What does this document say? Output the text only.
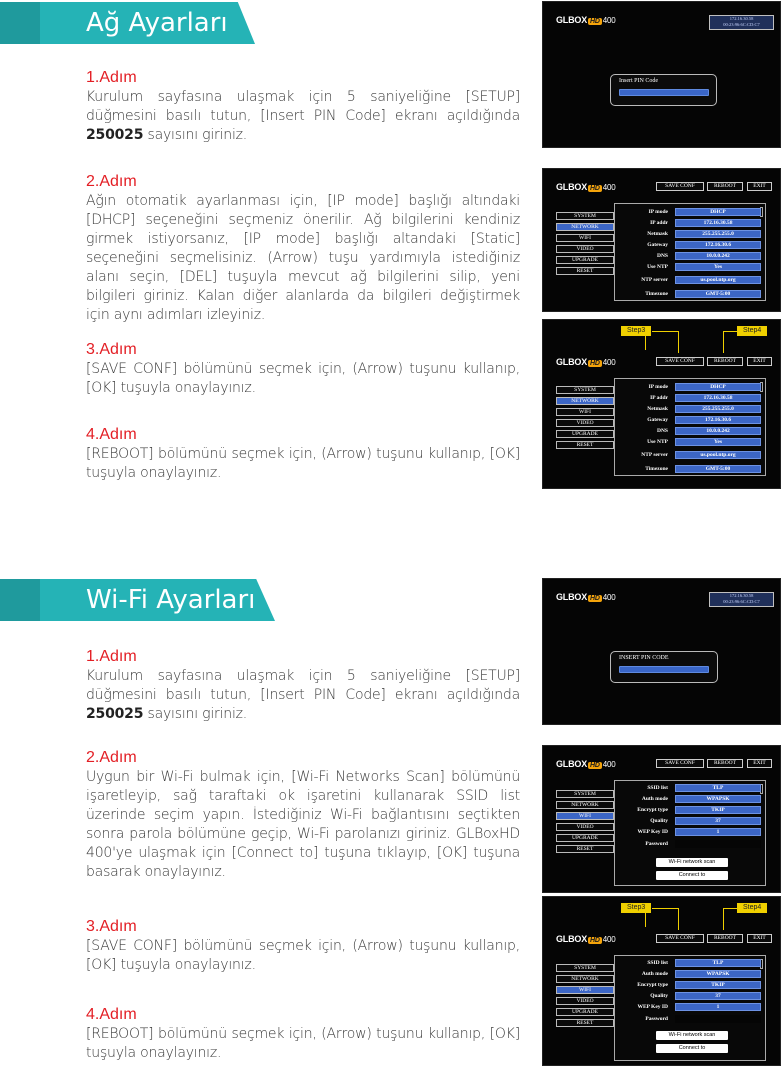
Ağ Ayarları
1.Adım
Kurulum sayfasına ulaşmak için 5 saniyeliğine [SETUP] düğmesini basılı tutun, [Insert PIN Code] ekranı açıldığında 250025 sayısını giriniz.
2.Adım
Ağın otomatik ayarlanması için, [IP mode] başlığı altındaki [DHCP] seçeneğini seçmeniz önerilir. Ağ bilgilerini kendiniz girmek istiyorsanız, [IP mode] başlığı altandaki [Static] seçeneğini seçmelisiniz. (Arrow) tuşu yardımıyla istediğiniz alanı seçin, [DEL] tuşuyla mevcut ağ bilgilerini silip, yeni bilgileri giriniz. Kalan diğer alanlarda da bilgileri değiştirmek için aynı adımları izleyiniz.
3.Adım
[SAVE CONF] bölümünü seçmek için, (Arrow) tuşunu kullanıp, [OK] tuşuyla onaylayınız.
4.Adım
[REBOOT] bölümünü seçmek için, (Arrow) tuşunu kullanıp, [OK] tuşuyla onaylayınız.
GLBOX HD 400	172.16.30.58
00:23:96:6C:CD:C7
Insert PIN Code
GLBOX HD 400	SAVE CONF	REBOOT	EXIT
SYSTEM
NETWORK
WIFI
VIDEO
UPGRADE
RESET
IP mode	DHCP
IP addr	172.16.30.58
Netmask	255.255.255.0
Gateway	172.16.30.6
DNS	10.0.0.242
Use NTP	Yes
NTP server	us.pool.ntp.org
Timezone	GMT-5:00
Step3	Step4
GLBOX HD 400	SAVE CONF	REBOOT	EXIT
SYSTEM
NETWORK
WIFI
VIDEO
UPGRADE
RESET
IP mode	DHCP
IP addr	172.16.30.58
Netmask	255.255.255.0
Gateway	172.16.30.6
DNS	10.0.0.242
Use NTP	Yes
NTP server	us.pool.ntp.org
Timezone	GMT-5:00
Wi-Fi Ayarları
1.Adım
Kurulum sayfasına ulaşmak için 5 saniyeliğine [SETUP] düğmesini basılı tutun, [Insert PIN Code] ekranı açıldığında 250025 sayısını giriniz.
2.Adım
Uygun bir Wi-Fi bulmak için, [Wi-Fi Networks Scan] bölümünü işaretleyip, sağ taraftaki ok işaretini kullanarak SSID list üzerinde seçim yapın. İstediğiniz Wi-Fi bağlantısını seçtikten sonra parola bölümüne geçip, Wi-Fi parolanızı giriniz. GLBoxHD 400'ye ulaşmak için [Connect to] tuşuna tıklayıp, [OK] tuşuna basarak onaylayınız.
3.Adım
[SAVE CONF] bölümünü seçmek için, (Arrow) tuşunu kullanıp, [OK] tuşuyla onaylayınız.
4.Adım
[REBOOT] bölümünü seçmek için, (Arrow) tuşunu kullanıp, [OK] tuşuyla onaylayınız.
GLBOX HD 400	172.16.30.58
00:23:96:6C:CD:C7
INSERT PIN CODE
GLBOX HD 400	SAVE CONF	REBOOT	EXIT
SYSTEM
NETWORK
WIFI
VIDEO
UPGRADE
RESET
SSID list	TLP
Auth mode	WPAPSK
Encrypt type	TKIP
Quality	37
WEP Key ID	1
Password
Wi-Fi network scan
Connect to
Step3	Step4
GLBOX HD 400	SAVE CONF	REBOOT	EXIT
SYSTEM
NETWORK
WIFI
VIDEO
UPGRADE
RESET
SSID list	TLP
Auth mode	WPAPSK
Encrypt type	TKIP
Quality	37
WEP Key ID	1
Password
Wi-Fi network scan
Connect to
